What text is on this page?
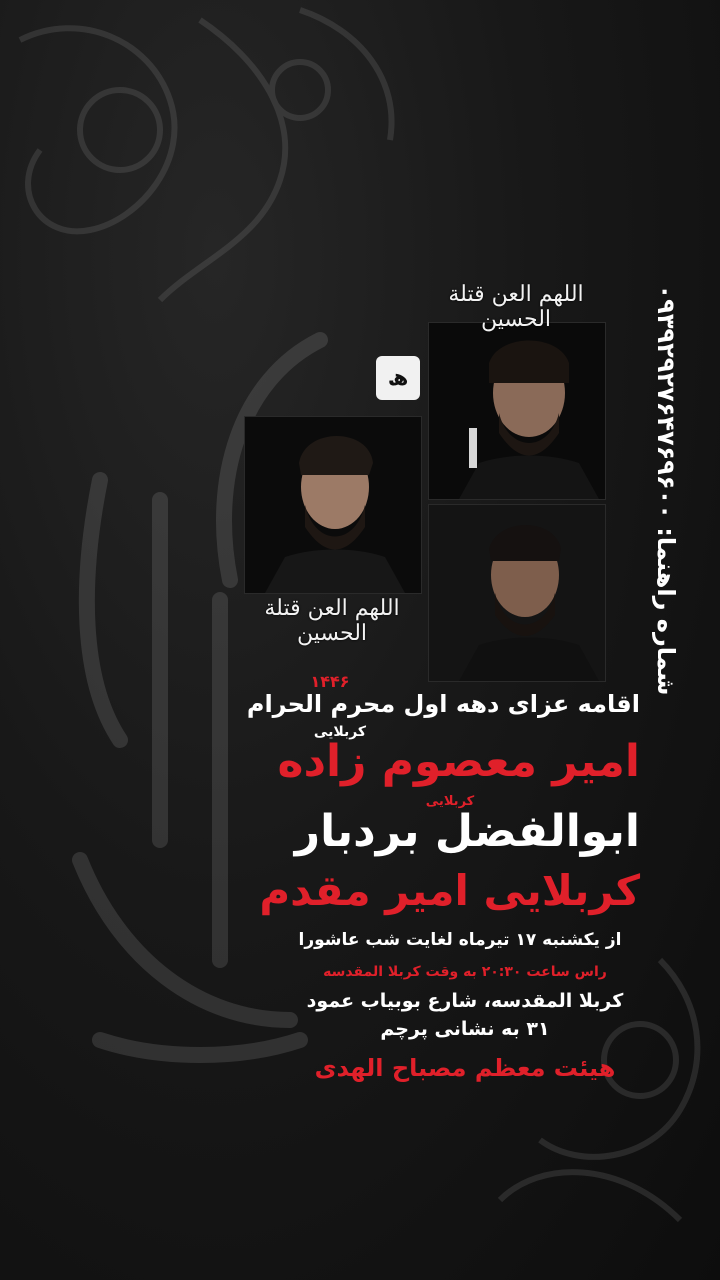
اللهم العن قتلة الحسین
اللهم العن قتلة الحسین
ھ	شماره راهنما: ۰۹۳۹۲۹۲۷۶۴۷۶۹۶۰۰
۱۴۴۶
اقامه عزای دهه اول محرم الحرام
کربلایی
امیر معصوم زاده
کربلایی
ابوالفضل بردبار
کربلایی امیر مقدم
از یکشنبه ۱۷ تیرماه لغایت شب عاشورا
راس ساعت ۲۰:۳۰ به وقت کربلا المقدسه
کربلا المقدسه، شارع بوبیاب عمود
۳۱ به نشانی پرچم
هیئت معظم مصباح الهدی
